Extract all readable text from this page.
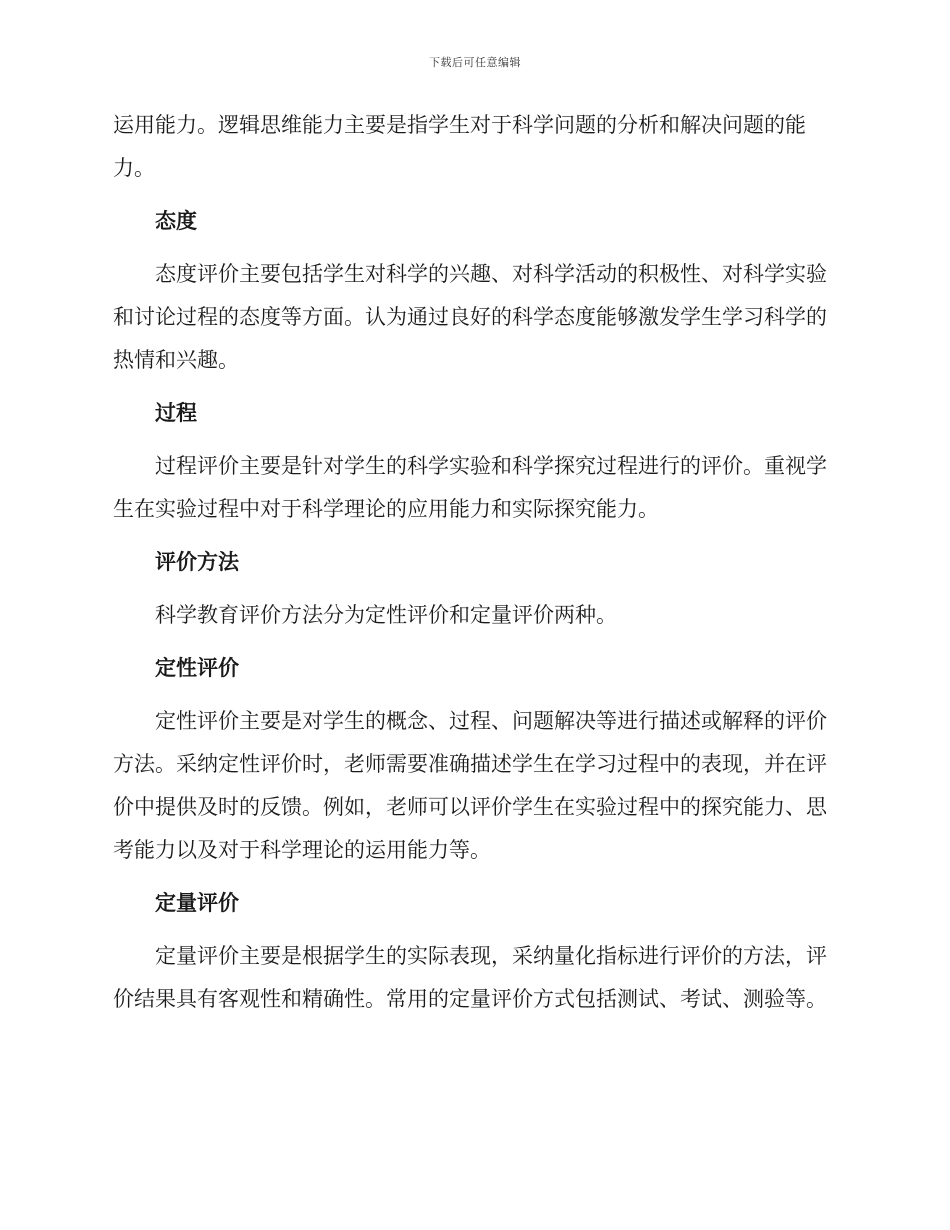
下载后可任意编辑

运用能力。逻辑思维能力主要是指学生对于科学问题的分析和解决问题的能力。

态度

态度评价主要包括学生对科学的兴趣、对科学活动的积极性、对科学实验和讨论过程的态度等方面。认为通过良好的科学态度能够激发学生学习科学的热情和兴趣。

过程

过程评价主要是针对学生的科学实验和科学探究过程进行的评价。重视学生在实验过程中对于科学理论的应用能力和实际探究能力。

评价方法

科学教育评价方法分为定性评价和定量评价两种。

定性评价

定性评价主要是对学生的概念、过程、问题解决等进行描述或解释的评价方法。采纳定性评价时，老师需要准确描述学生在学习过程中的表现，并在评价中提供及时的反馈。例如，老师可以评价学生在实验过程中的探究能力、思考能力以及对于科学理论的运用能力等。

定量评价

定量评价主要是根据学生的实际表现，采纳量化指标进行评价的方法，评价结果具有客观性和精确性。常用的定量评价方式包括测试、考试、测验等。
